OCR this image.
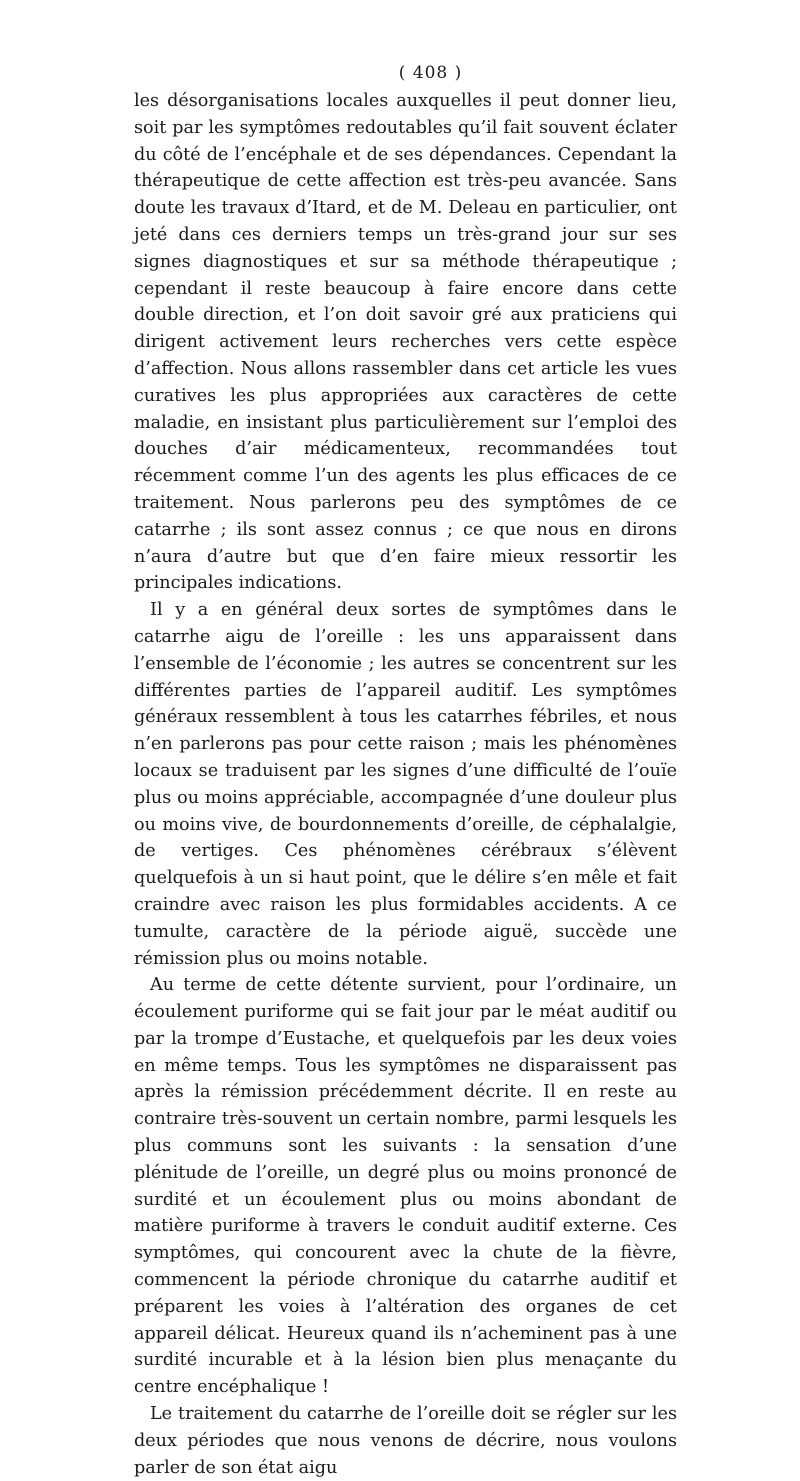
( 408 )

les désorganisations locales auxquelles il peut donner lieu, soit par les symptômes redoutables qu’il fait souvent éclater du côté de l’encéphale et de ses dépendances. Cependant la thérapeutique de cette affection est très-peu avancée. Sans doute les travaux d’Itard, et de M. Deleau en particulier, ont jeté dans ces derniers temps un très-grand jour sur ses signes diagnostiques et sur sa méthode thérapeutique ; cependant il reste beaucoup à faire encore dans cette double direction, et l’on doit savoir gré aux praticiens qui dirigent activement leurs recherches vers cette espèce d’affection. Nous allons rassembler dans cet article les vues curatives les plus appropriées aux caractères de cette maladie, en insistant plus particulièrement sur l’emploi des douches d’air médicamenteux, recommandées tout récemment comme l’un des agents les plus efficaces de ce traitement. Nous parlerons peu des symptômes de ce catarrhe ; ils sont assez connus ; ce que nous en dirons n’aura d’autre but que d’en faire mieux ressortir les principales indications.

Il y a en général deux sortes de symptômes dans le catarrhe aigu de l’oreille : les uns apparaissent dans l’ensemble de l’économie ; les autres se concentrent sur les différentes parties de l’appareil auditif. Les symptômes généraux ressemblent à tous les catarrhes fébriles, et nous n’en parlerons pas pour cette raison ; mais les phénomènes locaux se traduisent par les signes d’une difficulté de l’ouïe plus ou moins appréciable, accompagnée d’une douleur plus ou moins vive, de bourdonnements d’oreille, de céphalalgie, de vertiges. Ces phénomènes cérébraux s’élèvent quelquefois à un si haut point, que le délire s’en mêle et fait craindre avec raison les plus formidables accidents. A ce tumulte, caractère de la période aiguë, succède une rémission plus ou moins notable.

Au terme de cette détente survient, pour l’ordinaire, un écoulement puriforme qui se fait jour par le méat auditif ou par la trompe d’Eustache, et quelquefois par les deux voies en même temps. Tous les symptômes ne disparaissent pas après la rémission précédemment décrite. Il en reste au contraire très-souvent un certain nombre, parmi lesquels les plus communs sont les suivants : la sensation d’une plénitude de l’oreille, un degré plus ou moins prononcé de surdité et un écoulement plus ou moins abondant de matière puriforme à travers le conduit auditif externe. Ces symptômes, qui concourent avec la chute de la fièvre, commencent la période chronique du catarrhe auditif et préparent les voies à l’altération des organes de cet appareil délicat. Heureux quand ils n’acheminent pas à une surdité incurable et à la lésion bien plus menaçante du centre encéphalique !

Le traitement du catarrhe de l’oreille doit se régler sur les deux périodes que nous venons de décrire, nous voulons parler de son état aigu
